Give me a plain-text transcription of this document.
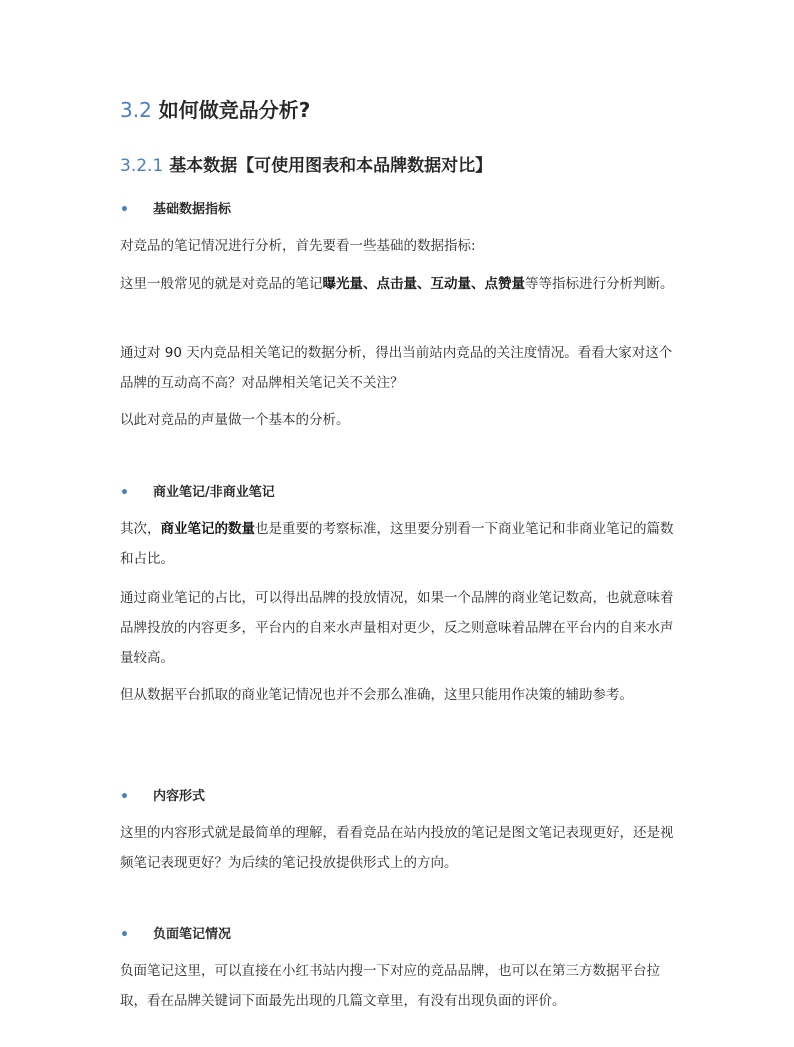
3.2 如何做竞品分析?
3.2.1 基本数据【可使用图表和本品牌数据对比】
• 基础数据指标

对竞品的笔记情况进行分析，首先要看一些基础的数据指标:

这里一般常见的就是对竞品的笔记曝光量、点击量、互动量、点赞量等等指标进行分析判断。

通过对 90 天内竞品相关笔记的数据分析，得出当前站内竞品的关注度情况。看看大家对这个品牌的互动高不高？对品牌相关笔记关不关注？

以此对竞品的声量做一个基本的分析。

• 商业笔记/非商业笔记

其次，商业笔记的数量也是重要的考察标准，这里要分别看一下商业笔记和非商业笔记的篇数和占比。

通过商业笔记的占比，可以得出品牌的投放情况，如果一个品牌的商业笔记数高，也就意味着品牌投放的内容更多，平台内的自来水声量相对更少，反之则意味着品牌在平台内的自来水声量较高。

但从数据平台抓取的商业笔记情况也并不会那么准确，这里只能用作决策的辅助参考。

• 内容形式

这里的内容形式就是最简单的理解，看看竞品在站内投放的笔记是图文笔记表现更好，还是视频笔记表现更好？为后续的笔记投放提供形式上的方向。

• 负面笔记情况

负面笔记这里，可以直接在小红书站内搜一下对应的竞品品牌，也可以在第三方数据平台拉取，看在品牌关键词下面最先出现的几篇文章里，有没有出现负面的评价。
